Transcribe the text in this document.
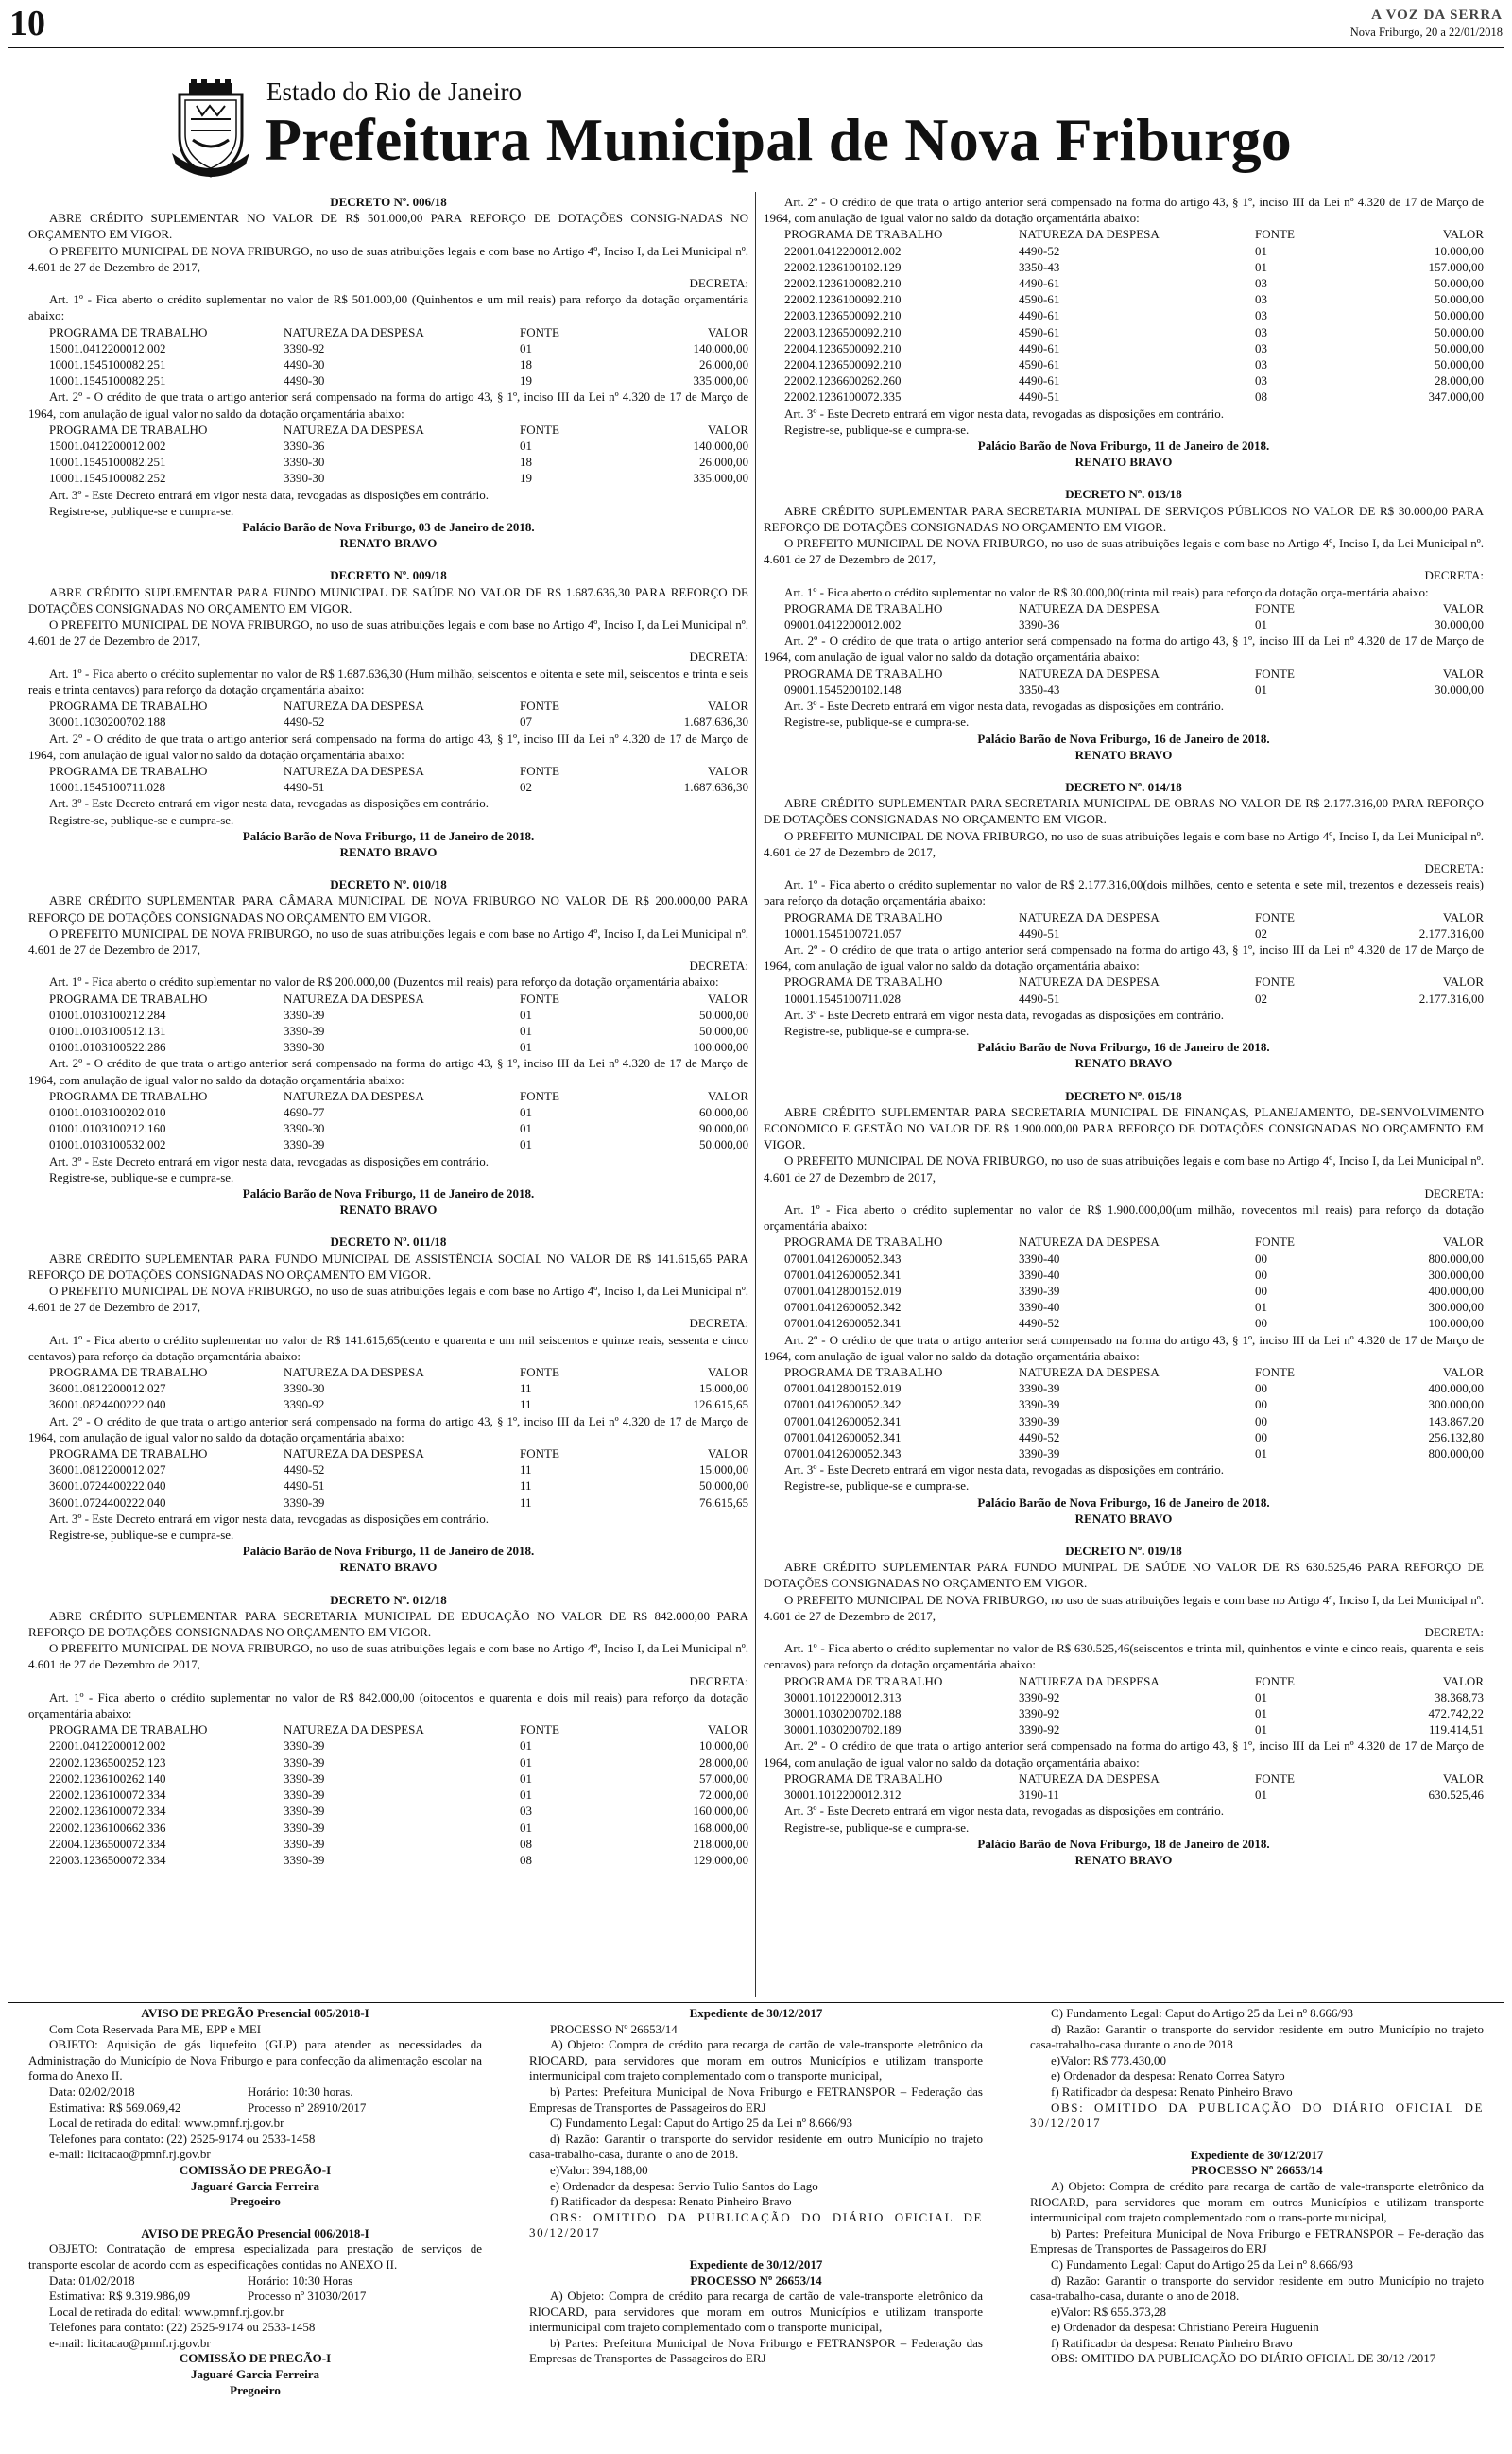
10	A VOZ DA SERRA
Nova Friburgo, 20 a 22/01/2018
Estado do Rio de Janeiro
Prefeitura Municipal de Nova Friburgo
DECRETO Nº. 006/18
ABRE CRÉDITO SUPLEMENTAR NO VALOR DE R$ 501.000,00 PARA REFORÇO DE DOTAÇÕES CONSIG-NADAS NO ORÇAMENTO EM VIGOR.
O PREFEITO MUNICIPAL DE NOVA FRIBURGO, no uso de suas atribuições legais e com base no Artigo 4º, Inciso I, da Lei Municipal nº. 4.601 de 27 de Dezembro de 2017,
DECRETA:
Art. 1º - Fica aberto o crédito suplementar no valor de R$ 501.000,00 (Quinhentos e um mil reais) para reforço da dotação orçamentária abaixo:
PROGRAMA DE TRABALHO	NATUREZA DA DESPESA	FONTE	VALOR
15001.0412200012.002	3390-92	01	140.000,00
10001.1545100082.251	4490-30	18	26.000,00
10001.1545100082.251	4490-30	19	335.000,00
Art. 2º - O crédito de que trata o artigo anterior será compensado na forma do artigo 43, § 1º, inciso III da Lei nº 4.320 de 17 de Março de 1964, com anulação de igual valor no saldo da dotação orçamentária abaixo:
PROGRAMA DE TRABALHO	NATUREZA DA DESPESA	FONTE	VALOR
15001.0412200012.002	3390-36	01	140.000,00
10001.1545100082.251	3390-30	18	26.000,00
10001.1545100082.252	3390-30	19	335.000,00
Art. 3º - Este Decreto entrará em vigor nesta data, revogadas as disposições em contrário.
Registre-se, publique-se e cumpra-se.
Palácio Barão de Nova Friburgo, 03 de Janeiro de 2018.
RENATO BRAVO
DECRETO Nº. 009/18
ABRE CRÉDITO SUPLEMENTAR PARA FUNDO MUNICIPAL DE SAÚDE NO VALOR DE R$ 1.687.636,30 PARA REFORÇO DE DOTAÇÕES CONSIGNADAS NO ORÇAMENTO EM VIGOR.
O PREFEITO MUNICIPAL DE NOVA FRIBURGO, no uso de suas atribuições legais e com base no Artigo 4º, Inciso I, da Lei Municipal nº. 4.601 de 27 de Dezembro de 2017,
DECRETA:
Art. 1º - Fica aberto o crédito suplementar no valor de R$ 1.687.636,30 (Hum milhão, seiscentos e oitenta e sete mil, seiscentos e trinta e seis reais e trinta centavos) para reforço da dotação orçamentária abaixo:
PROGRAMA DE TRABALHO	NATUREZA DA DESPESA	FONTE	VALOR
30001.1030200702.188	4490-52	07	1.687.636,30
Art. 2º - O crédito de que trata o artigo anterior será compensado na forma do artigo 43, § 1º, inciso III da Lei nº 4.320 de 17 de Março de 1964, com anulação de igual valor no saldo da dotação orçamentária abaixo:
PROGRAMA DE TRABALHO	NATUREZA DA DESPESA	FONTE	VALOR
10001.1545100711.028	4490-51	02	1.687.636,30
Art. 3º - Este Decreto entrará em vigor nesta data, revogadas as disposições em contrário.
Registre-se, publique-se e cumpra-se.
Palácio Barão de Nova Friburgo, 11 de Janeiro de 2018.
RENATO BRAVO
DECRETO Nº. 010/18
ABRE CRÉDITO SUPLEMENTAR PARA CÂMARA MUNICIPAL DE NOVA FRIBURGO NO VALOR DE R$ 200.000,00 PARA REFORÇO DE DOTAÇÕES CONSIGNADAS NO ORÇAMENTO EM VIGOR.
O PREFEITO MUNICIPAL DE NOVA FRIBURGO, no uso de suas atribuições legais e com base no Artigo 4º, Inciso I, da Lei Municipal nº. 4.601 de 27 de Dezembro de 2017,
DECRETA:
Art. 1º - Fica aberto o crédito suplementar no valor de R$ 200.000,00 (Duzentos mil reais) para reforço da dotação orçamentária abaixo:
PROGRAMA DE TRABALHO	NATUREZA DA DESPESA	FONTE	VALOR
01001.0103100212.284	3390-39	01	50.000,00
01001.0103100512.131	3390-39	01	50.000,00
01001.0103100522.286	3390-30	01	100.000,00
Art. 2º - O crédito de que trata o artigo anterior será compensado na forma do artigo 43, § 1º, inciso III da Lei nº 4.320 de 17 de Março de 1964, com anulação de igual valor no saldo da dotação orçamentária abaixo:
PROGRAMA DE TRABALHO	NATUREZA DA DESPESA	FONTE	VALOR
01001.0103100202.010	4690-77	01	60.000,00
01001.0103100212.160	3390-30	01	90.000,00
01001.0103100532.002	3390-39	01	50.000,00
Art. 3º - Este Decreto entrará em vigor nesta data, revogadas as disposições em contrário.
Registre-se, publique-se e cumpra-se.
Palácio Barão de Nova Friburgo, 11 de Janeiro de 2018.
RENATO BRAVO
DECRETO Nº. 011/18
ABRE CRÉDITO SUPLEMENTAR PARA FUNDO MUNICIPAL DE ASSISTÊNCIA SOCIAL NO VALOR DE R$ 141.615,65 PARA REFORÇO DE DOTAÇÕES CONSIGNADAS NO ORÇAMENTO EM VIGOR.
O PREFEITO MUNICIPAL DE NOVA FRIBURGO, no uso de suas atribuições legais e com base no Artigo 4º, Inciso I, da Lei Municipal nº. 4.601 de 27 de Dezembro de 2017,
DECRETA:
Art. 1º - Fica aberto o crédito suplementar no valor de R$ 141.615,65(cento e quarenta e um mil seiscentos e quinze reais, sessenta e cinco centavos) para reforço da dotação orçamentária abaixo:
PROGRAMA DE TRABALHO	NATUREZA DA DESPESA	FONTE	VALOR
36001.0812200012.027	3390-30	11	15.000,00
36001.0824400222.040	3390-92	11	126.615,65
Art. 2º - O crédito de que trata o artigo anterior será compensado na forma do artigo 43, § 1º, inciso III da Lei nº 4.320 de 17 de Março de 1964, com anulação de igual valor no saldo da dotação orçamentária abaixo:
PROGRAMA DE TRABALHO	NATUREZA DA DESPESA	FONTE	VALOR
36001.0812200012.027	4490-52	11	15.000,00
36001.0724400222.040	4490-51	11	50.000,00
36001.0724400222.040	3390-39	11	76.615,65
Art. 3º - Este Decreto entrará em vigor nesta data, revogadas as disposições em contrário.
Registre-se, publique-se e cumpra-se.
Palácio Barão de Nova Friburgo, 11 de Janeiro de 2018.
RENATO BRAVO
DECRETO Nº. 012/18
ABRE CRÉDITO SUPLEMENTAR PARA SECRETARIA MUNICIPAL DE EDUCAÇÃO NO VALOR DE R$ 842.000,00 PARA REFORÇO DE DOTAÇÕES CONSIGNADAS NO ORÇAMENTO EM VIGOR.
O PREFEITO MUNICIPAL DE NOVA FRIBURGO, no uso de suas atribuições legais e com base no Artigo 4º, Inciso I, da Lei Municipal nº. 4.601 de 27 de Dezembro de 2017,
DECRETA:
Art. 1º - Fica aberto o crédito suplementar no valor de R$ 842.000,00 (oitocentos e quarenta e dois mil reais) para reforço da dotação orçamentária abaixo:
PROGRAMA DE TRABALHO	NATUREZA DA DESPESA	FONTE	VALOR
22001.0412200012.002	3390-39	01	10.000,00
22002.1236500252.123	3390-39	01	28.000,00
22002.1236100262.140	3390-39	01	57.000,00
22002.1236100072.334	3390-39	01	72.000,00
22002.1236100072.334	3390-39	03	160.000,00
22002.1236100662.336	3390-39	01	168.000,00
22004.1236500072.334	3390-39	08	218.000,00
22003.1236500072.334	3390-39	08	129.000,00
Art. 2º - O crédito de que trata o artigo anterior será compensado na forma do artigo 43, § 1º, inciso III da Lei nº 4.320 de 17 de Março de 1964, com anulação de igual valor no saldo da dotação orçamentária abaixo:
PROGRAMA DE TRABALHO	NATUREZA DA DESPESA	FONTE	VALOR
22001.0412200012.002	4490-52	01	10.000,00
22002.1236100102.129	3350-43	01	157.000,00
22002.1236100082.210	4490-61	03	50.000,00
22002.1236100092.210	4590-61	03	50.000,00
22003.1236500092.210	4490-61	03	50.000,00
22003.1236500092.210	4590-61	03	50.000,00
22004.1236500092.210	4490-61	03	50.000,00
22004.1236500092.210	4590-61	03	50.000,00
22002.1236600262.260	4490-61	03	28.000,00
22002.1236100072.335	4490-51	08	347.000,00
Art. 3º - Este Decreto entrará em vigor nesta data, revogadas as disposições em contrário.
Registre-se, publique-se e cumpra-se.
Palácio Barão de Nova Friburgo, 11 de Janeiro de 2018.
RENATO BRAVO
DECRETO Nº. 013/18
ABRE CRÉDITO SUPLEMENTAR PARA SECRETARIA MUNIPAL DE SERVIÇOS PÚBLICOS NO VALOR DE R$ 30.000,00 PARA REFORÇO DE DOTAÇÕES CONSIGNADAS NO ORÇAMENTO EM VIGOR.
O PREFEITO MUNICIPAL DE NOVA FRIBURGO, no uso de suas atribuições legais e com base no Artigo 4º, Inciso I, da Lei Municipal nº. 4.601 de 27 de Dezembro de 2017,
DECRETA:
Art. 1º - Fica aberto o crédito suplementar no valor de R$ 30.000,00(trinta mil reais) para reforço da dotação orça-mentária abaixo:
PROGRAMA DE TRABALHO	NATUREZA DA DESPESA	FONTE	VALOR
09001.0412200012.002	3390-36	01	30.000,00
Art. 2º - O crédito de que trata o artigo anterior será compensado na forma do artigo 43, § 1º, inciso III da Lei nº 4.320 de 17 de Março de 1964, com anulação de igual valor no saldo da dotação orçamentária abaixo:
PROGRAMA DE TRABALHO	NATUREZA DA DESPESA	FONTE	VALOR
09001.1545200102.148	3350-43	01	30.000,00
Art. 3º - Este Decreto entrará em vigor nesta data, revogadas as disposições em contrário.
Registre-se, publique-se e cumpra-se.
Palácio Barão de Nova Friburgo, 16 de Janeiro de 2018.
RENATO BRAVO
DECRETO Nº. 014/18
ABRE CRÉDITO SUPLEMENTAR PARA SECRETARIA MUNICIPAL DE OBRAS NO VALOR DE R$ 2.177.316,00 PARA REFORÇO DE DOTAÇÕES CONSIGNADAS NO ORÇAMENTO EM VIGOR.
O PREFEITO MUNICIPAL DE NOVA FRIBURGO, no uso de suas atribuições legais e com base no Artigo 4º, Inciso I, da Lei Municipal nº. 4.601 de 27 de Dezembro de 2017,
DECRETA:
Art. 1º - Fica aberto o crédito suplementar no valor de R$ 2.177.316,00(dois milhões, cento e setenta e sete mil, trezentos e dezesseis reais) para reforço da dotação orçamentária abaixo:
PROGRAMA DE TRABALHO	NATUREZA DA DESPESA	FONTE	VALOR
10001.1545100721.057	4490-51	02	2.177.316,00
Art. 2º - O crédito de que trata o artigo anterior será compensado na forma do artigo 43, § 1º, inciso III da Lei nº 4.320 de 17 de Março de 1964, com anulação de igual valor no saldo da dotação orçamentária abaixo:
PROGRAMA DE TRABALHO	NATUREZA DA DESPESA	FONTE	VALOR
10001.1545100711.028	4490-51	02	2.177.316,00
Art. 3º - Este Decreto entrará em vigor nesta data, revogadas as disposições em contrário.
Registre-se, publique-se e cumpra-se.
Palácio Barão de Nova Friburgo, 16 de Janeiro de 2018.
RENATO BRAVO
DECRETO Nº. 015/18
ABRE CRÉDITO SUPLEMENTAR PARA SECRETARIA MUNICIPAL DE FINANÇAS, PLANEJAMENTO, DE-SENVOLVIMENTO ECONOMICO E GESTÃO NO VALOR DE R$ 1.900.000,00 PARA REFORÇO DE DOTAÇÕES CONSIGNADAS NO ORÇAMENTO EM VIGOR.
O PREFEITO MUNICIPAL DE NOVA FRIBURGO, no uso de suas atribuições legais e com base no Artigo 4º, Inciso I, da Lei Municipal nº. 4.601 de 27 de Dezembro de 2017,
DECRETA:
Art. 1º - Fica aberto o crédito suplementar no valor de R$ 1.900.000,00(um milhão, novecentos mil reais) para reforço da dotação orçamentária abaixo:
PROGRAMA DE TRABALHO	NATUREZA DA DESPESA	FONTE	VALOR
07001.0412600052.343	3390-40	00	800.000,00
07001.0412600052.341	3390-40	00	300.000,00
07001.0412800152.019	3390-39	00	400.000,00
07001.0412600052.342	3390-40	01	300.000,00
07001.0412600052.341	4490-52	00	100.000,00
Art. 2º - O crédito de que trata o artigo anterior será compensado na forma do artigo 43, § 1º, inciso III da Lei nº 4.320 de 17 de Março de 1964, com anulação de igual valor no saldo da dotação orçamentária abaixo:
PROGRAMA DE TRABALHO	NATUREZA DA DESPESA	FONTE	VALOR
07001.0412800152.019	3390-39	00	400.000,00
07001.0412600052.342	3390-39	00	300.000,00
07001.0412600052.341	3390-39	00	143.867,20
07001.0412600052.341	4490-52	00	256.132,80
07001.0412600052.343	3390-39	01	800.000,00
Art. 3º - Este Decreto entrará em vigor nesta data, revogadas as disposições em contrário.
Registre-se, publique-se e cumpra-se.
Palácio Barão de Nova Friburgo, 16 de Janeiro de 2018.
RENATO BRAVO
DECRETO Nº. 019/18
ABRE CRÉDITO SUPLEMENTAR PARA FUNDO MUNIPAL DE SAÚDE NO VALOR DE R$ 630.525,46 PARA REFORÇO DE DOTAÇÕES CONSIGNADAS NO ORÇAMENTO EM VIGOR.
O PREFEITO MUNICIPAL DE NOVA FRIBURGO, no uso de suas atribuições legais e com base no Artigo 4º, Inciso I, da Lei Municipal nº. 4.601 de 27 de Dezembro de 2017,
DECRETA:
Art. 1º - Fica aberto o crédito suplementar no valor de R$ 630.525,46(seiscentos e trinta mil, quinhentos e vinte e cinco reais, quarenta e seis centavos) para reforço da dotação orçamentária abaixo:
PROGRAMA DE TRABALHO	NATUREZA DA DESPESA	FONTE	VALOR
30001.1012200012.313	3390-92	01	38.368,73
30001.1030200702.188	3390-92	01	472.742,22
30001.1030200702.189	3390-92	01	119.414,51
Art. 2º - O crédito de que trata o artigo anterior será compensado na forma do artigo 43, § 1º, inciso III da Lei nº 4.320 de 17 de Março de 1964, com anulação de igual valor no saldo da dotação orçamentária abaixo:
PROGRAMA DE TRABALHO	NATUREZA DA DESPESA	FONTE	VALOR
30001.1012200012.312	3190-11	01	630.525,46
Art. 3º - Este Decreto entrará em vigor nesta data, revogadas as disposições em contrário.
Registre-se, publique-se e cumpra-se.
Palácio Barão de Nova Friburgo, 18 de Janeiro de 2018.
RENATO BRAVO
AVISO DE PREGÃO Presencial 005/2018-I
Com Cota Reservada Para ME, EPP e MEI
OBJETO: Aquisição de gás liquefeito (GLP) para atender as necessidades da Administração do Município de Nova Friburgo e para confecção da alimentação escolar na forma do Anexo II.
Data: 02/02/2018	Horário: 10:30 horas.
Estimativa: R$ 569.069,42	Processo nº 28910/2017
Local de retirada do edital: www.pmnf.rj.gov.br
Telefones para contato: (22) 2525-9174 ou 2533-1458
e-mail: licitacao@pmnf.rj.gov.br
COMISSÃO DE PREGÃO-I
Jaguaré Garcia Ferreira
Pregoeiro
AVISO DE PREGÃO Presencial 006/2018-I
OBJETO: Contratação de empresa especializada para prestação de serviços de transporte escolar de acordo com as especificações contidas no ANEXO II.
Data: 01/02/2018	Horário: 10:30 Horas
Estimativa: R$ 9.319.986,09	Processo nº 31030/2017
Local de retirada do edital: www.pmnf.rj.gov.br
Telefones para contato: (22) 2525-9174 ou 2533-1458
e-mail: licitacao@pmnf.rj.gov.br
COMISSÃO DE PREGÃO-I
Jaguaré Garcia Ferreira
Pregoeiro
Expediente de 30/12/2017
PROCESSO Nº 26653/14
A) Objeto: Compra de crédito para recarga de cartão de vale-transporte eletrônico da RIOCARD, para servidores que moram em outros Municípios e utilizam transporte intermunicipal com trajeto complementado com o transporte municipal,
b) Partes: Prefeitura Municipal de Nova Friburgo e FETRANSPOR – Federação das Empresas de Transportes de Passageiros do ERJ
C) Fundamento Legal: Caput do Artigo 25 da Lei nº 8.666/93
d) Razão: Garantir o transporte do servidor residente em outro Município no trajeto casa-trabalho-casa, durante o ano de 2018.
e)Valor: 394,188,00
e) Ordenador da despesa: Servio Tulio Santos do Lago
f) Ratificador da despesa: Renato Pinheiro Bravo
OBS: OMITIDO DA PUBLICAÇÃO DO DIÁRIO OFICIAL DE 30/12/2017
Expediente de 30/12/2017
PROCESSO Nº 26653/14
A) Objeto: Compra de crédito para recarga de cartão de vale-transporte eletrônico da RIOCARD, para servidores que moram em outros Municípios e utilizam transporte intermunicipal com trajeto complementado com o transporte municipal,
b) Partes: Prefeitura Municipal de Nova Friburgo e FETRANSPOR – Federação das Empresas de Transportes de Passageiros do ERJ
C) Fundamento Legal: Caput do Artigo 25 da Lei nº 8.666/93
d) Razão: Garantir o transporte do servidor residente em outro Município no trajeto casa-trabalho-casa durante o ano de 2018
e)Valor: R$ 773.430,00
e) Ordenador da despesa: Renato Correa Satyro
f) Ratificador da despesa: Renato Pinheiro Bravo
OBS: OMITIDO DA PUBLICAÇÃO DO DIÁRIO OFICIAL DE 30/12/2017
Expediente de 30/12/2017
PROCESSO Nº 26653/14
A) Objeto: Compra de crédito para recarga de cartão de vale-transporte eletrônico da RIOCARD, para servidores que moram em outros Municípios e utilizam transporte intermunicipal com trajeto complementado com o trans-porte municipal,
b) Partes: Prefeitura Municipal de Nova Friburgo e FETRANSPOR – Fe-deração das Empresas de Transportes de Passageiros do ERJ
C) Fundamento Legal: Caput do Artigo 25 da Lei nº 8.666/93
d) Razão: Garantir o transporte do servidor residente em outro Município no trajeto casa-trabalho-casa, durante o ano de 2018.
e)Valor: R$ 655.373,28
e) Ordenador da despesa: Christiano Pereira Huguenin
f) Ratificador da despesa: Renato Pinheiro Bravo
OBS: OMITIDO DA PUBLICAÇÃO DO DIÁRIO OFICIAL DE 30/12 /2017
